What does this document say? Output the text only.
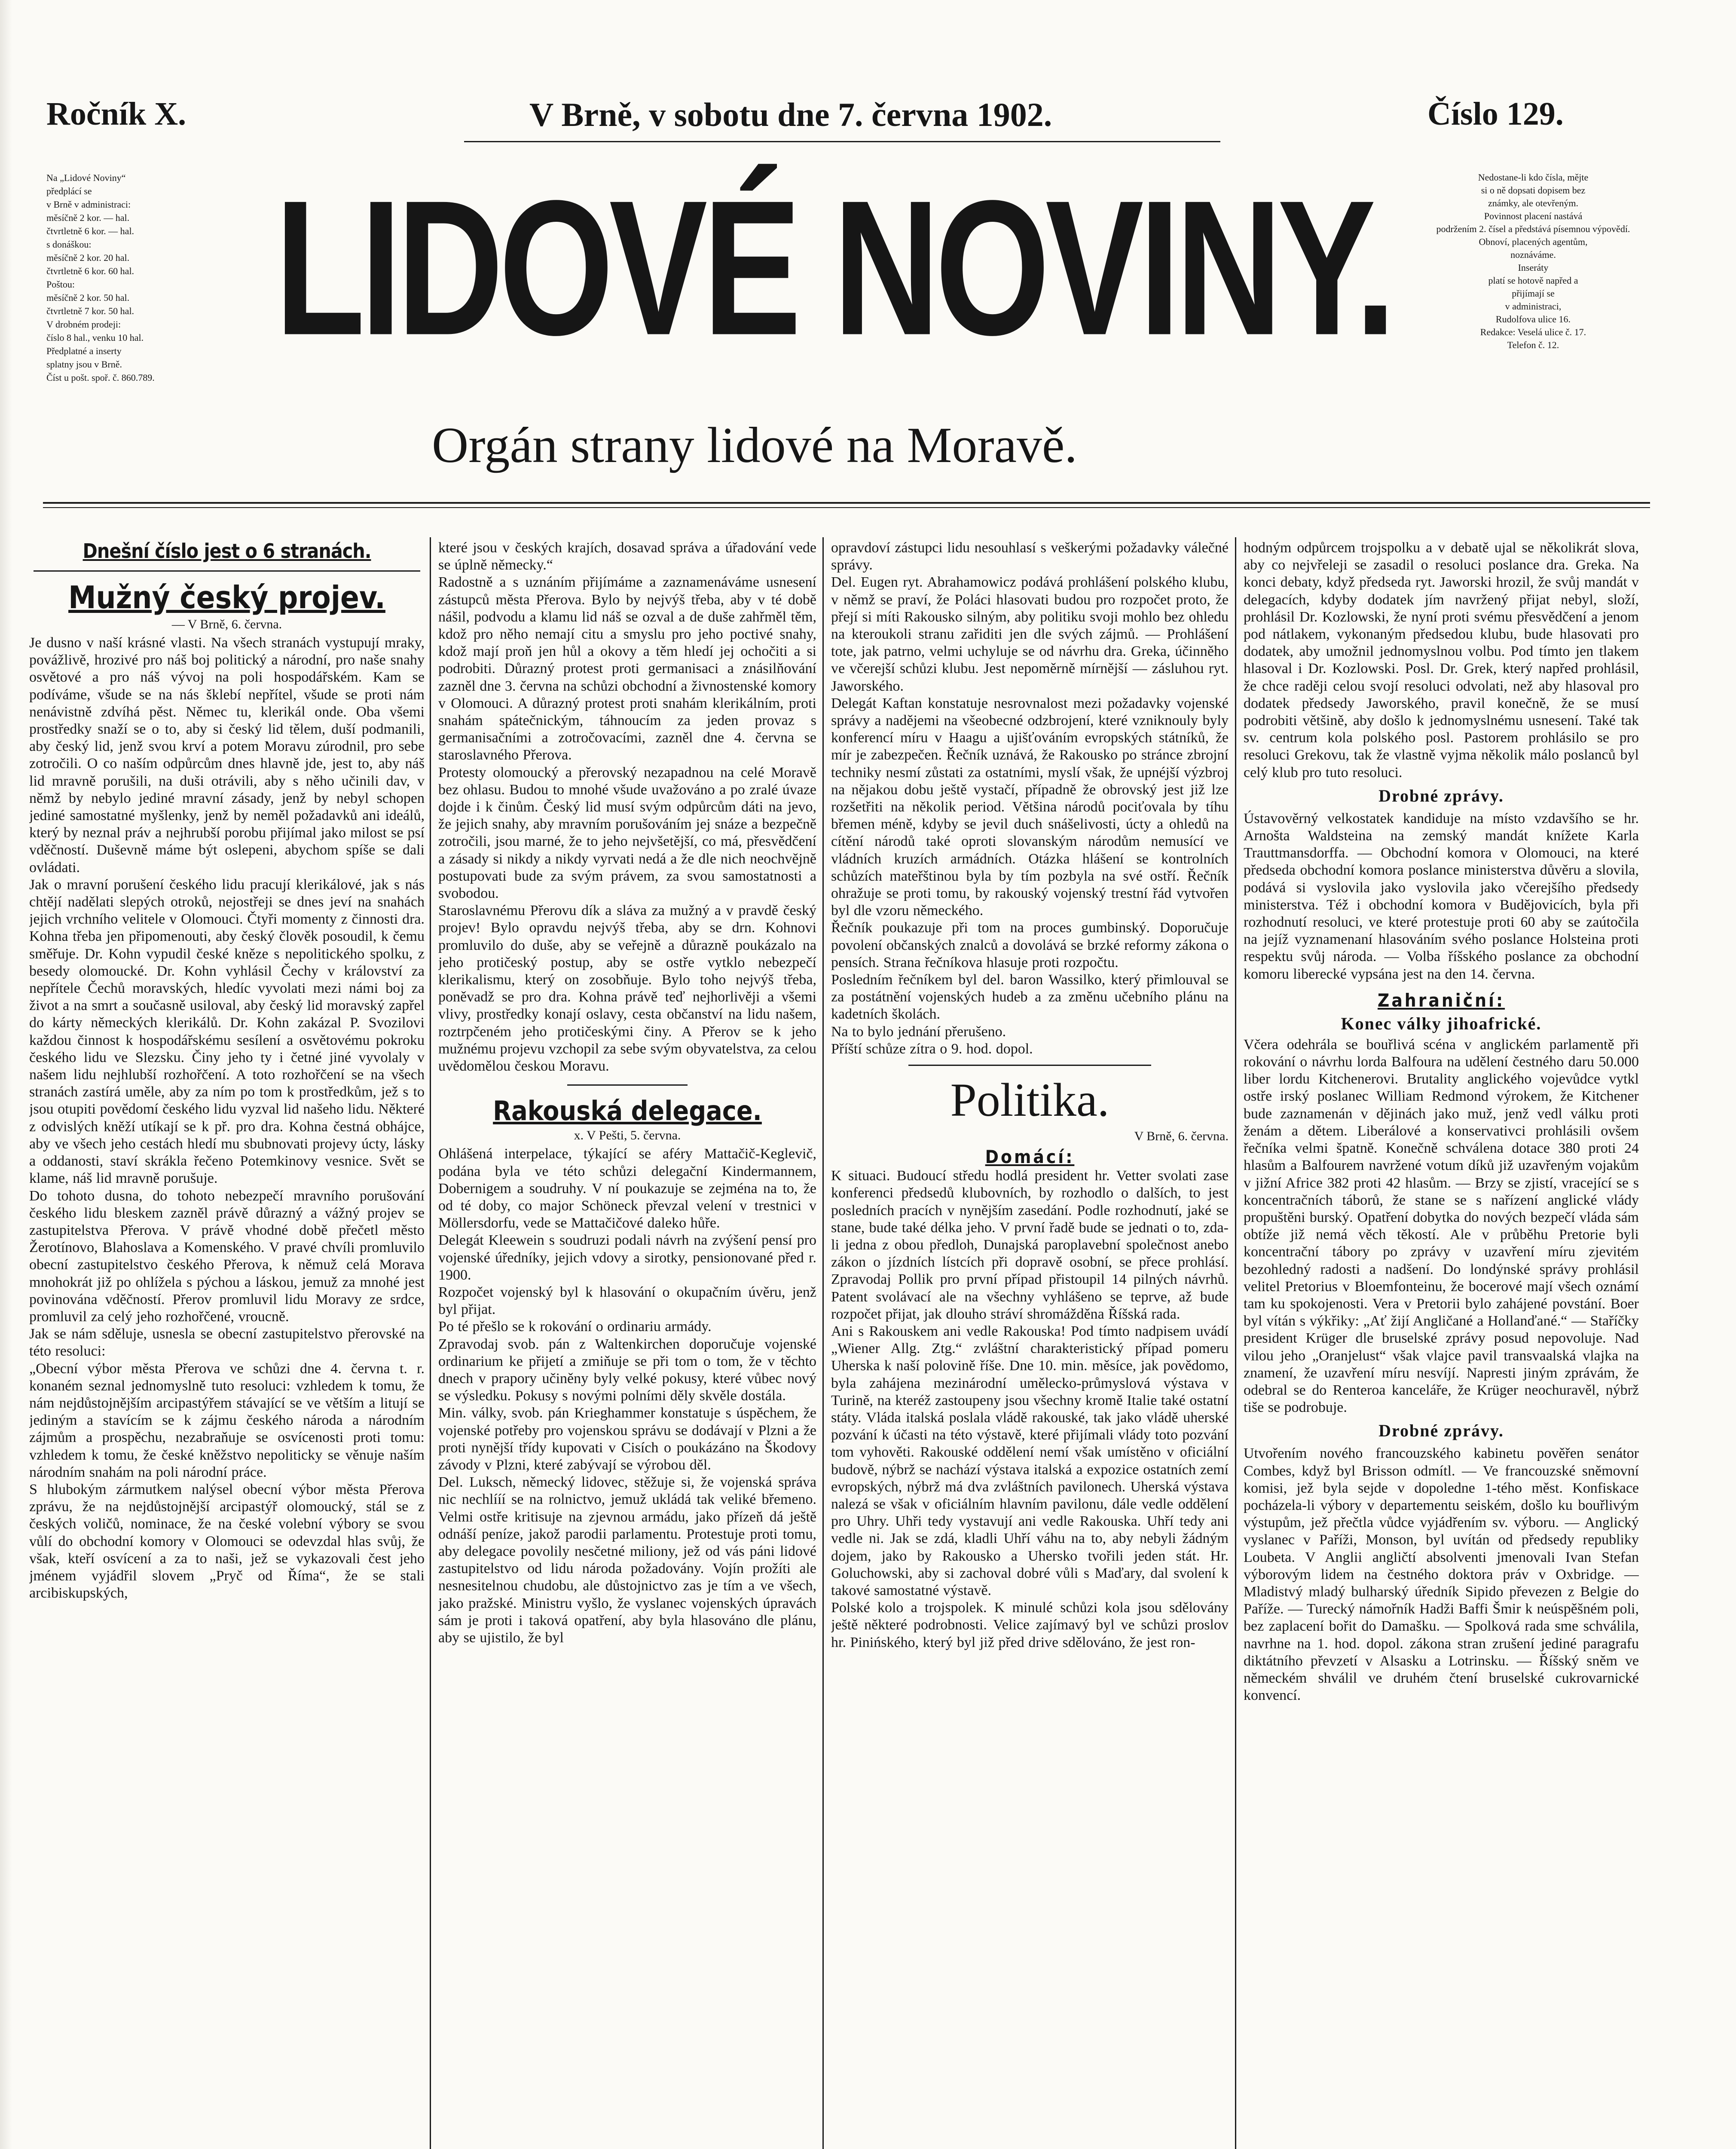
Ročník X.	V Brně, v sobotu dne 7. června 1902.	Číslo 129.
Na „Lidové Noviny“
předplácí se
v Brně v administraci:
měsíčně 2 kor. — hal.
čtvrtletně 6 kor. — hal.
s donáškou:
měsíčně 2 kor. 20 hal.
čtvrtletně 6 kor. 60 hal.
Poštou:
měsíčně 2 kor. 50 hal.
čtvrtletně 7 kor. 50 hal.
V drobném prodeji:
číslo 8 hal., venku 10 hal.
Předplatné a inserty
splatny jsou v Brně.
Číst u pošt. spoř. č. 860.789.
LIDOVÉ NOVINY.
Orgán strany lidové na Moravě.
Nedostane-li kdo čísla, mějte
si o ně dopsati dopisem bez
známky, ale otevřeným.
Povinnost placení nastává
podržením 2. čísel a předstává písemnou výpovědí.
Obnoví, placených agentům,
noznáváme.
Inseráty
platí se hotově napřed a
přijímají se
v administraci,
Rudolfova ulice 16.
Redakce: Veselá ulice č. 17.
Telefon č. 12.

Dnešní číslo jest o 6 stranách.

Mužný český projev.

— V Brně, 6. června.
Je dusno v naší krásné vlasti. Na všech stranách vystupují mraky, povážlivě, hrozivé pro náš boj politický a národní, pro naše snahy osvětové a pro náš vývoj na poli hospodářském. Kam se podíváme, všude se na nás šklebí nepřítel, všude se proti nám nenávistně zdvíhá pěst. Němec tu, klerikál onde. Oba všemi prostředky snaží se o to, aby si český lid tělem, duší podmanili, aby český lid, jenž svou krví a potem Moravu zúrodnil, pro sebe zotročili. O co naším odpůrcům dnes hlavně jde, jest to, aby náš lid mravně porušili, na duši otrávili, aby s něho učinili dav, v němž by nebylo jediné mravní zásady, jenž by nebyl schopen jediné samostatné myšlenky, jenž by neměl požadavků ani ideálů, který by neznal práv a nejhrubší porobu přijímal jako milost se psí vděčností. Duševně máme být oslepeni, abychom spíše se dali ovládati.
Jak o mravní porušení českého lidu pracují klerikálové, jak s nás chtějí nadělati slepých otroků, nejostřeji se dnes jeví na snahách jejich vrchního velitele v Olomouci. Čtyři momenty z činnosti dra. Kohna třeba jen připomenouti, aby český člověk posoudil, k čemu směřuje. Dr. Kohn vypudil české kněze s nepolitického spolku, z besedy olomoucké. Dr. Kohn vyhlásil Čechy v království za nepřítele Čechů moravských, hledíc vyvolati mezi námi boj za život a na smrt a současně usiloval, aby český lid moravský zapřel do kárty německých klerikálů. Dr. Kohn zakázal P. Svozilovi každou činnost k hospodářskému sesílení a osvětovému pokroku českého lidu ve Slezsku. Činy jeho ty i četné jiné vyvolaly v našem lidu nejhlubší rozhořčení. A toto rozhořčení se na všech stranách zastírá uměle, aby za ním po tom k prostředkům, jež s to jsou otupiti povědomí českého lidu vyzval lid našeho lidu. Některé z odvislých kněží utíkají se k př. pro dra. Kohna čestná obhájce, aby ve všech jeho cestách hledí mu sbubnovati projevy úcty, lásky a oddanosti, staví skrákla řečeno Potemkinovy vesnice. Svět se klame, náš lid mravně porušuje.
Do tohoto dusna, do tohoto nebezpečí mravního porušování českého lidu bleskem zazněl právě důrazný a vážný projev se zastupitelstva Přerova. V právě vhodné době přečetl město Žerotínovo, Blahoslava a Komenského. V pravé chvíli promluvilo obecní zastupitelstvo českého Přerova, k němuž celá Morava mnohokrát již po ohlížela s pýchou a láskou, jemuž za mnohé jest povinována vděčností. Přerov promluvil lidu Moravy ze srdce, promluvil za celý jeho rozhořčené, vroucně.
Jak se nám sděluje, usnesla se obecní zastupitelstvo přerovské na této resoluci:
„Obecní výbor města Přerova ve schůzi dne 4. června t. r. konaném seznal jednomyslně tuto resoluci: vzhledem k tomu, že nám nejdůstojnějším arcipastýřem stávající se ve větším a litují se jediným a stavícím se k zájmu českého národa a národním zájmům a prospěchu, nezabraňuje se osvícenosti proti tomu: vzhledem k tomu, že české kněžstvo nepoliticky se věnuje naším národním snahám na poli národní práce.
S hlubokým zármutkem nalýsel obecní výbor města Přerova zprávu, že na nejdůstojnější arcipastýř olomoucký, stál se z českých voličů, nominace, že na české volební výbory se svou vůlí do obchodní komory v Olomouci se odevzdal hlas svůj, že však, kteří osvícení a za to naši, jež se vykazovali čest jeho jménem vyjádřil slovem „Pryč od Říma“, že se stali arcibiskupských,
které jsou v českých krajích, dosavad správa a úřadování vede se úplně německy.“
Radostně a s uznáním přijímáme a zaznamenáváme usnesení zástupců města Přerova. Bylo by nejvýš třeba, aby v té době nášil, podvodu a klamu lid náš se ozval a de duše zahřměl těm, kdož pro něho nemají citu a smyslu pro jeho poctivé snahy, kdož mají proň jen hůl a okovy a těm hledí jej ochočiti a si podrobiti. Důrazný protest proti germanisaci a znásilňování zazněl dne 3. června na schůzi obchodní a živnostenské komory v Olomouci. A důrazný protest proti snahám klerikálním, proti snahám spátečnickým, táhnoucím za jeden provaz s germanisačními a zotročovacími, zazněl dne 4. června se staroslavného Přerova.
Protesty olomoucký a přerovský nezapadnou na celé Moravě bez ohlasu. Budou to mnohé všude uvažováno a po zralé úvaze dojde i k činům. Český lid musí svým odpůrcům dáti na jevo, že jejich snahy, aby mravním porušováním jej snáze a bezpečně zotročili, jsou marné, že to jeho nejvšetější, co má, přesvědčení a zásady si nikdy a nikdy vyrvati nedá a že dle nich neochvějně postupovati bude za svým právem, za svou samostatnosti a svobodou.
Staroslavnému Přerovu dík a sláva za mužný a v pravdě český projev! Bylo opravdu nejvýš třeba, aby se drn. Kohnovi promluvilo do duše, aby se veřejně a důrazně poukázalo na jeho protičeský postup, aby se ostře vytklo nebezpečí klerikalismu, který on zosobňuje. Bylo toho nejvýš třeba, poněvadž se pro dra. Kohna právě teď nejhorlivěji a všemi vlivy, prostředky konají oslavy, cesta občanství na lidu našem, roztrpčeném jeho protičeskými činy. A Přerov se k jeho mužnému projevu vzchopil za sebe svým obyvatelstva, za celou uvědomělou českou Moravu.

Rakouská delegace.

x. V Pešti, 5. června.
Ohlášená interpelace, týkající se aféry Mattačič-Keglevič, podána byla ve této schůzi delegační Kindermannem, Dobernigem a soudruhy. V ní poukazuje se zejména na to, že od té doby, co major Schöneck převzal velení v trestnici v Möllersdorfu, vede se Mattačičové daleko hůře.
Delegát Kleewein s soudruzi podali návrh na zvýšení pensí pro vojenské úředníky, jejich vdovy a sirotky, pensionované před r. 1900.
Rozpočet vojenský byl k hlasování o okupačním úvěru, jenž byl přijat.
Po té přešlo se k rokování o ordinariu armády.
Zpravodaj svob. pán z Waltenkirchen doporučuje vojenské ordinarium ke přijetí a zmiňuje se při tom o tom, že v těchto dnech v prapory učiněny byly velké pokusy, které vůbec nový se výsledku. Pokusy s novými polními děly skvěle dostála.
Min. války, svob. pán Krieghammer konstatuje s úspěchem, že vojenské potřeby pro vojenskou správu se dodávají v Plzni a že proti nynější třídy kupovati v Cisích o poukázáno na Škodovy závody v Plzni, které zabývají se výrobou děl.
Del. Luksch, německý lidovec, stěžuje si, že vojenská správa nic nechlííí se na rolnictvo, jemuž ukládá tak veliké břemeno. Velmi ostře kritisuje na zjevnou armádu, jako přízeň dá ještě odnáší peníze, jakož parodii parlamentu. Protestuje proti tomu, aby delegace povolily nesčetné miliony, jež od vás páni lidové zastupitelstvo od lidu národa požadovány. Vojín prožíti ale nesnesitelnou chudobu, ale důstojnictvo zas je tím a ve všech, jako pražské. Ministru vyšlo, že vyslanec vojenských úpravách sám je proti i taková opatření, aby byla hlasováno dle plánu, aby se ujistilo, že byl
opravdoví zástupci lidu nesouhlasí s veškerými požadavky válečné správy.
Del. Eugen ryt. Abrahamowicz podává prohlášení polského klubu, v němž se praví, že Poláci hlasovati budou pro rozpočet proto, že přejí si míti Rakousko silným, aby politiku svoji mohlo bez ohledu na kteroukoli stranu zařiditi jen dle svých zájmů. — Prohlášení tote, jak patrno, velmi uchyluje se od návrhu dra. Greka, účinněho ve včerejší schůzi klubu. Jest nepoměrně mírnější — zásluhou ryt. Jaworského.
Delegát Kaftan konstatuje nesrovnalost mezi požadavky vojenské správy a nadějemi na všeobecné odzbrojení, které vzniknouly byly konferencí míru v Haagu a ujišťováním evropských státníků, že mír je zabezpečen. Řečník uznává, že Rakousko po stránce zbrojní techniky nesmí zůstati za ostatními, myslí však, že upnéjší výzbroj na nějakou dobu ještě vystačí, případně že obrovský jest již lze rozšetřiti na několik period. Většina národů pociťovala by tíhu břemen méně, kdyby se jevil duch snášelivosti, úcty a ohledů na cítění národů také oproti slovanským národům nemusící ve vládních kruzích armádních. Otázka hlášení se kontrolních schůzích mateřštinou byla by tím pozbyla na své ostří. Řečník ohražuje se proti tomu, by rakouský vojenský trestní řád vytvořen byl dle vzoru německého.
Řečník poukazuje při tom na proces gumbinský. Doporučuje povolení občanských znalců a dovolává se brzké reformy zákona o pensích. Strana řečníkova hlasuje proti rozpočtu.
Posledním řečníkem byl del. baron Wassilko, který přimlouval se za postátnění vojenských hudeb a za změnu učebního plánu na kadetních školách.
Na to bylo jednání přerušeno.
Příští schůze zítra o 9. hod. dopol.

Politika.

V Brně, 6. června.

Domácí:

K situaci. Budoucí středu hodlá president hr. Vetter svolati zase konferenci předsedů klubovních, by rozhodlo o dalších, to jest posledních pracích v nynějším zasedání. Podle rozhodnutí, jaké se stane, bude také délka jeho. V první řadě bude se jednati o to, zda-li jedna z obou předloh, Dunajská paroplavební společnost anebo zákon o jízdních lístcích při dopravě osobní, se přece prohlásí. Zpravodaj Pollik pro první případ přistoupil 14 pilných návrhů. Patent svolávací ale na všechny vyhlášeno se teprve, až bude rozpočet přijat, jak dlouho stráví shromážděna Říšská rada.
Ani s Rakouskem ani vedle Rakouska! Pod tímto nadpisem uvádí „Wiener Allg. Ztg.“ zvláštní charakteristický případ pomeru Uherska k naší polovině říše. Dne 10. min. měsíce, jak povědomo, byla zahájena mezinárodní umělecko-průmyslová výstava v Turině, na kteréž zastoupeny jsou všechny kromě Italie také ostatní státy. Vláda italská poslala vládě rakouské, tak jako vládě uherské pozvání k účasti na této výstavě, které přijímali vlády toto pozvání tom vyhověti. Rakouské oddělení nemí však umístěno v oficiální budově, nýbrž se nachází výstava italská a expozice ostatních zemí evropských, nýbrž má dva zvláštních pavilonech. Uherská výstava nalezá se však v oficiálním hlavním pavilonu, dále vedle oddělení pro Uhry. Uhři tedy vystavují ani vedle Rakouska. Uhří tedy ani vedle ni. Jak se zdá, kladli Uhří váhu na to, aby nebyli žádným dojem, jako by Rakousko a Uhersko tvořili jeden stát. Hr. Goluchowski, aby si zachoval dobré vůli s Maďary, dal svolení k takové samostatné výstavě.
Polské kolo a trojspolek. K minulé schůzi kola jsou sdělovány ještě některé podrobnosti. Velice zajímavý byl ve schůzi proslov hr. Pinińského, který byl již před drive sdělováno, že jest ron-
hodným odpůrcem trojspolku a v debatě ujal se několikrát slova, aby co nejvřeleji se zasadil o resoluci poslance dra. Greka. Na konci debaty, když předseda ryt. Jaworski hrozil, že svůj mandát v delegacích, kdyby dodatek jím navržený přijat nebyl, složí, prohlásil Dr. Kozlowski, že nyní proti svému přesvědčení a jenom pod nátlakem, vykonaným předsedou klubu, bude hlasovati pro dodatek, aby umožnil jednomyslnou volbu. Pod tímto jen tlakem hlasoval i Dr. Kozlowski. Posl. Dr. Grek, který napřed prohlásil, že chce raději celou svojí resoluci odvolati, než aby hlasoval pro dodatek předsedy Jaworského, pravil konečně, že se musí podrobiti většině, aby došlo k jednomyslnému usnesení. Také tak sv. centrum kola polského posl. Pastorem prohlásilo se pro resoluci Grekovu, tak že vlastně vyjma několik málo poslanců byl celý klub pro tuto resoluci.

Drobné zprávy.

Ústavověrný velkostatek kandiduje na místo vzdavšího se hr. Arnošta Waldsteina na zemský mandát knížete Karla Trauttmansdorffa. — Obchodní komora v Olomouci, na které předseda obchodní komora poslance ministerstva důvěru a slovila, podává si vyslovila jako vyslovila jako včerejšího předsedy ministerstva. Též i obchodní komora v Budějovicích, byla při rozhodnutí resoluci, ve které protestuje proti 60 aby se zaútočila na jejíž vyznamenaní hlasováním svého poslance Holsteina proti respektu svůj národa. — Volba říšského poslance za obchodní komoru liberecké vypsána jest na den 14. června.

Zahraniční:

Konec války jihoafrické.

Včera odehrála se bouřlivá scéna v anglickém parlamentě při rokování o návrhu lorda Balfoura na udělení čestného daru 50.000 liber lordu Kitchenerovi. Brutality anglického vojevůdce vytkl ostře irský poslanec William Redmond výrokem, že Kitchener bude zaznamenán v dějinách jako muž, jenž vedl válku proti ženám a dětem. Liberálové a konservativci prohlásili ovšem řečníka velmi špatně. Konečně schválena dotace 380 proti 24 hlasům a Balfourem navržené votum díků již uzavřeným vojakům v jižní Africe 382 proti 42 hlasům. — Brzy se zjistí, vracející se s koncentračních táborů, že stane se s nařízení anglické vlády propuštěni burský. Opatření dobytka do nových bezpečí vláda sám obtíže již nemá věch těkostí. Ale v průběhu Pretorie byli koncentrační tábory po zprávy v uzavření míru zjevitém bezohledný radosti a nadšení. Do londýnské správy prohlásil velitel Pretorius v Bloemfonteinu, že bocerové mají všech oznámí tam ku spokojenosti. Vera v Pretorii bylo zahájené povstání. Boer byl vítán s výkřiky: „Ať žijí Angličané a Hollanďané.“ — Staříčky president Krüger dle bruselské zprávy posud nepovoluje. Nad vilou jeho „Oranjelust“ však vlajce pavil transvaalská vlajka na znamení, že uzavření míru nesvíjí. Napresti jiným zprávám, že odebral se do Renteroa kanceláře, že Krüger neochuravěl, nýbrž tiše se podrobuje.

Drobné zprávy.

Utvořením nového francouzského kabinetu pověřen senátor Combes, když byl Brisson odmítl. — Ve francouzské sněmovní komisi, jež byla sejde v dopoledne 1-tého měst. Konfiskace pocházela-li výbory v departementu seiském, došlo ku bouřlivým výstupům, jež přečtla vůdce vyjádřením sv. výboru. — Anglický vyslanec v Paříži, Monson, byl uvítán od předsedy republiky Loubeta. V Anglii angličtí absolventi jmenovali Ivan Stefan výborovým lidem na čestného doktora práv v Oxbridge. — Mladistvý mladý bulharský úředník Sipido převezen z Belgie do Paříže. — Turecký námořník Hadži Baffi Šmir k neúspěšném poli, bez zaplacení bořit do Damašku. — Spolková rada sme schválila, navrhne na 1. hod. dopol. zákona stran zrušení jediné paragrafu diktátního převzetí v Alsasku a Lotrinsku. — Říšský sněm ve německém shválil ve druhém čtení bruselské cukrovarnické konvencí.
